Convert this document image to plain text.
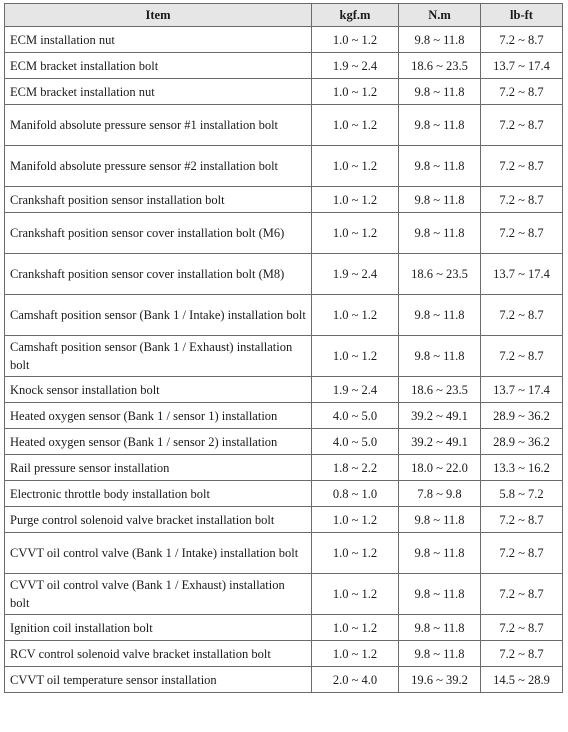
Item	kgf.m	N.m	lb-ft
ECM installation nut	1.0 ~ 1.2	9.8 ~ 11.8	7.2 ~ 8.7
ECM bracket installation bolt	1.9 ~ 2.4	18.6 ~ 23.5	13.7 ~ 17.4
ECM bracket installation nut	1.0 ~ 1.2	9.8 ~ 11.8	7.2 ~ 8.7
Manifold absolute pressure sensor #1 installation bolt	1.0 ~ 1.2	9.8 ~ 11.8	7.2 ~ 8.7
Manifold absolute pressure sensor #2 installation bolt	1.0 ~ 1.2	9.8 ~ 11.8	7.2 ~ 8.7
Crankshaft position sensor installation bolt	1.0 ~ 1.2	9.8 ~ 11.8	7.2 ~ 8.7
Crankshaft position sensor cover installation bolt (M6)	1.0 ~ 1.2	9.8 ~ 11.8	7.2 ~ 8.7
Crankshaft position sensor cover installation bolt (M8)	1.9 ~ 2.4	18.6 ~ 23.5	13.7 ~ 17.4
Camshaft position sensor (Bank 1 / Intake) installation bolt	1.0 ~ 1.2	9.8 ~ 11.8	7.2 ~ 8.7
Camshaft position sensor (Bank 1 / Exhaust) installation bolt	1.0 ~ 1.2	9.8 ~ 11.8	7.2 ~ 8.7
Knock sensor installation bolt	1.9 ~ 2.4	18.6 ~ 23.5	13.7 ~ 17.4
Heated oxygen sensor (Bank 1 / sensor 1) installation	4.0 ~ 5.0	39.2 ~ 49.1	28.9 ~ 36.2
Heated oxygen sensor (Bank 1 / sensor 2) installation	4.0 ~ 5.0	39.2 ~ 49.1	28.9 ~ 36.2
Rail pressure sensor installation	1.8 ~ 2.2	18.0 ~ 22.0	13.3 ~ 16.2
Electronic throttle body installation bolt	0.8 ~ 1.0	7.8 ~ 9.8	5.8 ~ 7.2
Purge control solenoid valve bracket installation bolt	1.0 ~ 1.2	9.8 ~ 11.8	7.2 ~ 8.7
CVVT oil control valve (Bank 1 / Intake) installation bolt	1.0 ~ 1.2	9.8 ~ 11.8	7.2 ~ 8.7
CVVT oil control valve (Bank 1 / Exhaust) installation bolt	1.0 ~ 1.2	9.8 ~ 11.8	7.2 ~ 8.7
Ignition coil installation bolt	1.0 ~ 1.2	9.8 ~ 11.8	7.2 ~ 8.7
RCV control solenoid valve bracket installation bolt	1.0 ~ 1.2	9.8 ~ 11.8	7.2 ~ 8.7
CVVT oil temperature sensor installation	2.0 ~ 4.0	19.6 ~ 39.2	14.5 ~ 28.9
